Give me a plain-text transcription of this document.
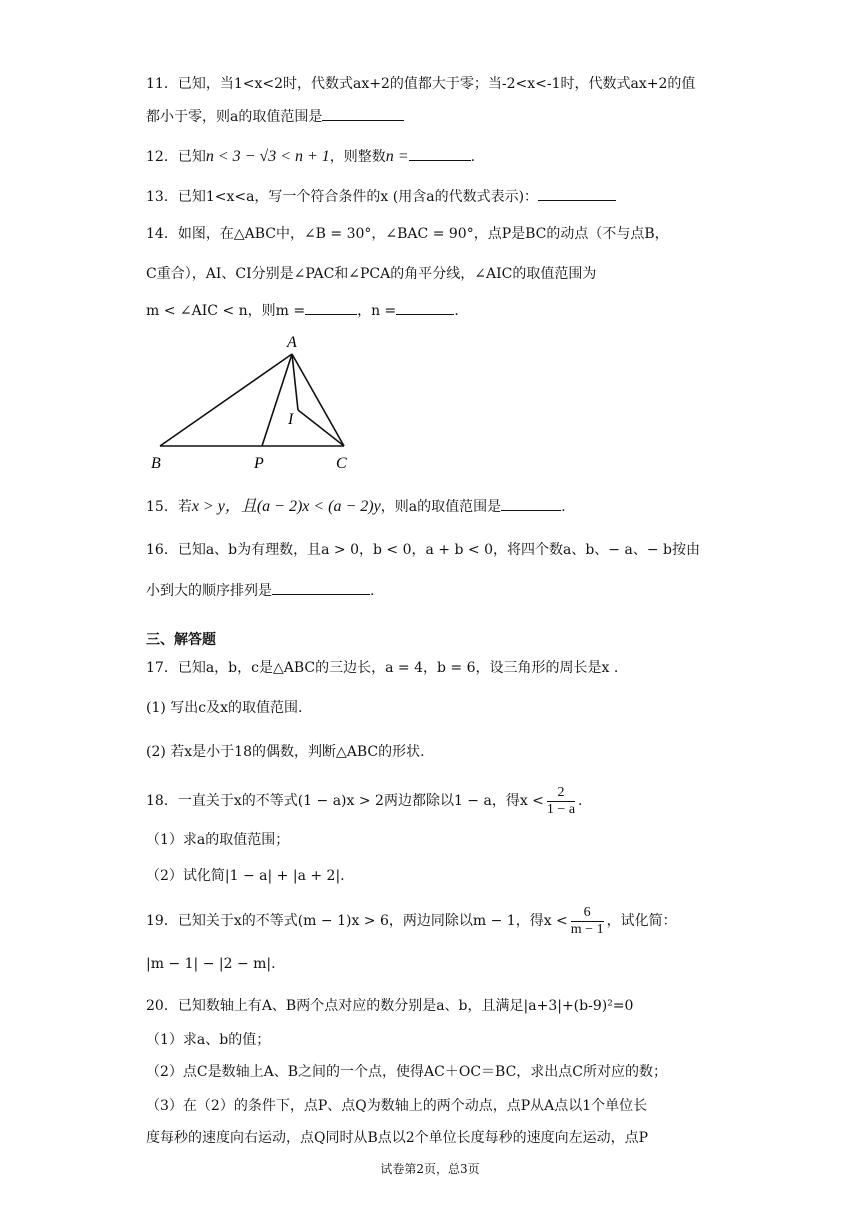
11．已知，当1<x<2时，代数式ax+2的值都大于零；当-2<x<-1时，代数式ax+2的值
都小于零，则a的取值范围是
12．已知n < 3 − √3 < n + 1，则整数n =	.
13．已知1<x<a，写一个符合条件的x (用含a的代数式表示)：
14．如图，在△ABC中，∠B = 30°，∠BAC = 90°，点P是BC的动点（不与点B，
C重合），AI、CI分别是∠PAC和∠PCA的角平分线，∠AIC的取值范围为
m < ∠AIC < n，则m =	，n =	.
A
B	P	C
I
15．若x > y，且(a − 2)x < (a − 2)y，则a的取值范围是	.
16．已知a、b为有理数，且a > 0，b < 0，a + b < 0，将四个数a、b、− a、− b按由
小到大的顺序排列是	.
三、解答题
17．已知a，b，c是△ABC的三边长，a = 4，b = 6，设三角形的周长是x .
(1) 写出c及x的取值范围.
(2) 若x是小于18的偶数，判断△ABC的形状.
18．一直关于x的不等式(1 − a)x > 2两边都除以1 − a，得$x < \frac{2}{1 - a}$ .
（1）求a的取值范围；
（2）试化简|1 − a| + |a + 2|.
19．已知关于x的不等式(m − 1)x > 6，两边同除以m − 1，得$x < \frac{6}{m - 1}$ ，试化简：
|m − 1| − |2 − m|.
20．已知数轴上有A、B两个点对应的数分别是a、b，且满足|a+3|+(b-9)²=0
（1）求a、b的值；
（2）点C是数轴上A、B之间的一个点，使得AC＋OC＝BC，求出点C所对应的数；
（3）在（2）的条件下，点P、点Q为数轴上的两个动点，点P从A点以1个单位长
度每秒的速度向右运动，点Q同时从B点以2个单位长度每秒的速度向左运动，点P
试卷第2页，总3页
